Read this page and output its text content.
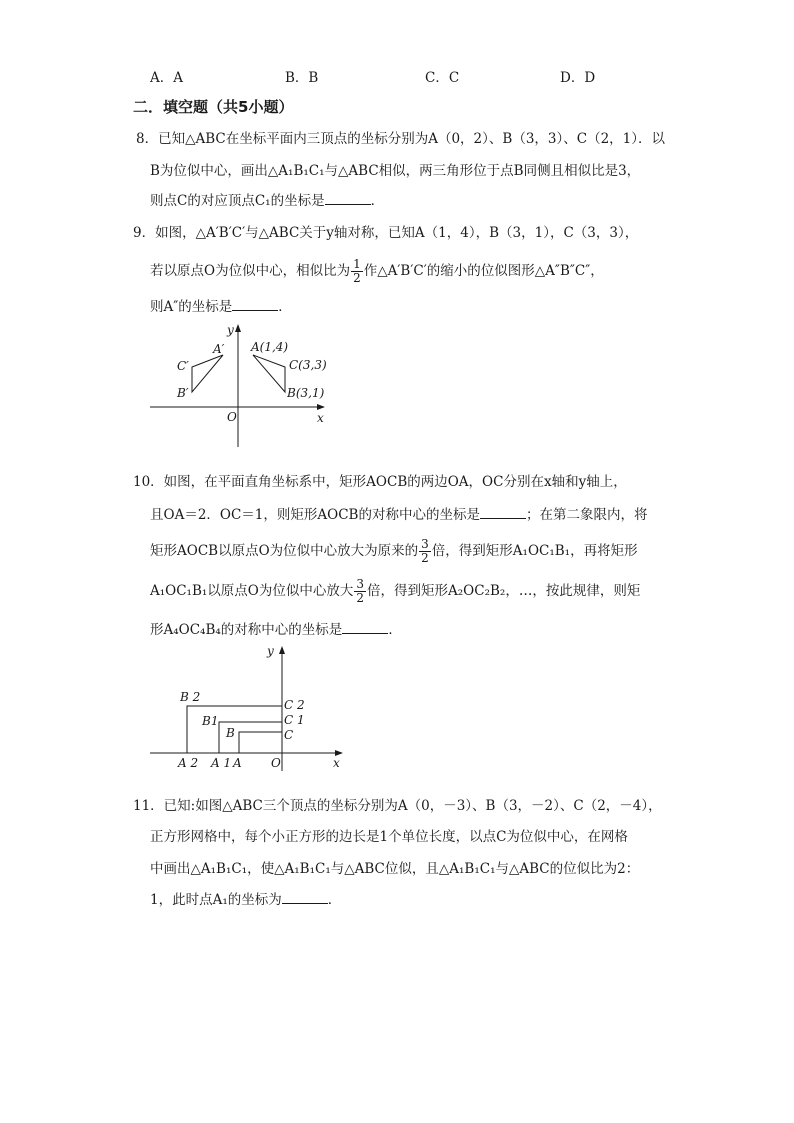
A．A	B．B	C．C	D．D
二．填空题（共5小题）
8．已知△ABC在坐标平面内三顶点的坐标分别为A（0，2）、B（3，3）、C（2，1）．以
B为位似中心，画出△A₁B₁C₁与△ABC相似，两三角形位于点B同侧且相似比是3，
则点C的对应顶点C₁的坐标是	．
9．如图，△A′B′C′与△ABC关于y轴对称，已知A（1，4），B（3，1），C（3，3），
若以原点O为位似中心，相似比为 $\frac{1}{2}$ 作△A′B′C′的缩小的位似图形△A″B″C″，
则A″的坐标是	．
y
x
O
A(1,4)
C(3,3)
B(3,1)
A′
C′
B′
10．如图，在平面直角坐标系中，矩形AOCB的两边OA，OC分别在x轴和y轴上，
且OA＝2．OC＝1，则矩形AOCB的对称中心的坐标是	；在第二象限内，将
矩形AOCB以原点O为位似中心放大为原来的 $\frac{3}{2}$ 倍，得到矩形A₁OC₁B₁，再将矩形
A₁OC₁B₁以原点O为位似中心放大 $\frac{3}{2}$ 倍，得到矩形A₂OC₂B₂，…，按此规律，则矩
形A₄OC₄B₄的对称中心的坐标是	．
y
x
O
B 2
B1
B
C 2
C 1
C
A 2 A 1 A
11．已知:如图△ABC三个顶点的坐标分别为A（0，－3）、B（3，－2）、C（2，－4），
正方形网格中，每个小正方形的边长是1个单位长度，以点C为位似中心，在网格
中画出△A₁B₁C₁，使△A₁B₁C₁与△ABC位似，且△A₁B₁C₁与△ABC的位似比为2：
1，此时点A₁的坐标为	．
